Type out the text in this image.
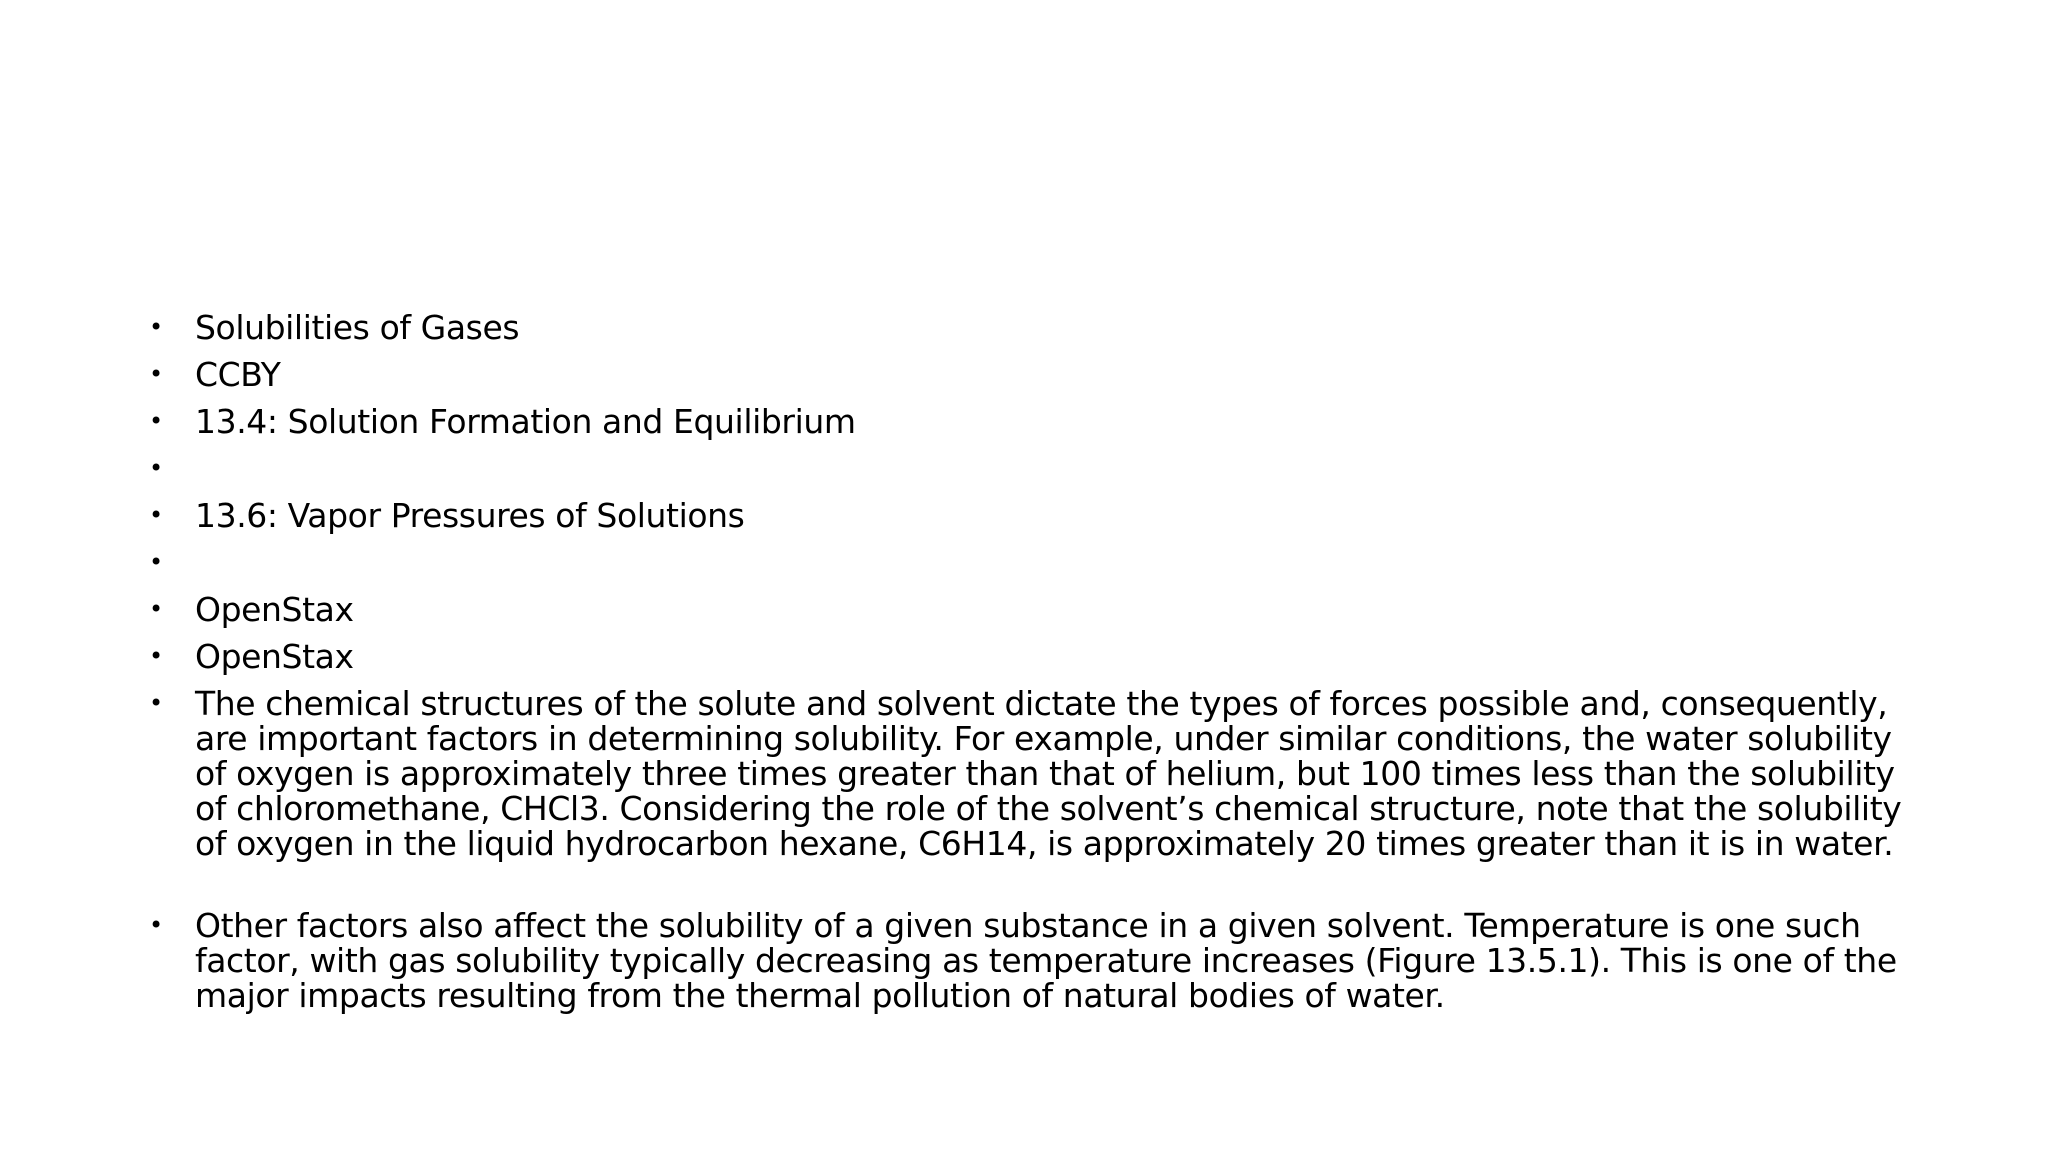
• Solubilities of Gases
• CCBY
• 13.4: Solution Formation and Equilibrium
•
• 13.6: Vapor Pressures of Solutions
•
• OpenStax
• OpenStax
• The chemical structures of the solute and solvent dictate the types of forces possible and, consequently, are important factors in determining solubility. For example, under similar conditions, the water solubility of oxygen is approximately three times greater than that of helium, but 100 times less than the solubility of chloromethane, CHCl3. Considering the role of the solvent’s chemical structure, note that the solubility of oxygen in the liquid hydrocarbon hexane, C6H14, is approximately 20 times greater than it is in water.
• Other factors also affect the solubility of a given substance in a given solvent. Temperature is one such factor, with gas solubility typically decreasing as temperature increases (Figure 13.5.1). This is one of the major impacts resulting from the thermal pollution of natural bodies of water.
